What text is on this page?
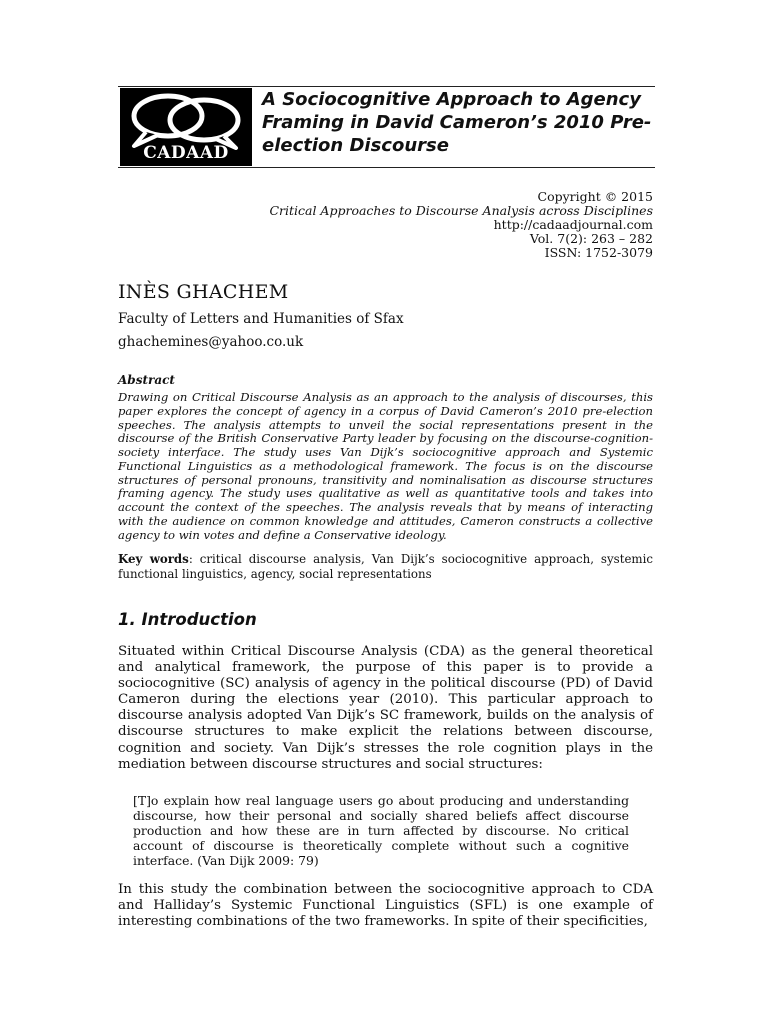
CADAAD
A Sociocognitive Approach to Agency Framing in David Cameron’s 2010 Pre-election Discourse
Copyright © 2015
Critical Approaches to Discourse Analysis across Disciplines
http://cadaadjournal.com
Vol. 7(2): 263 – 282
ISSN: 1752-3079
INÈS GHACHEM
Faculty of Letters and Humanities of Sfax
ghachemines@yahoo.co.uk
Abstract

Drawing on Critical Discourse Analysis as an approach to the analysis of discourses, this paper explores the concept of agency in a corpus of David Cameron’s 2010 pre-election speeches. The analysis attempts to unveil the social representations present in the discourse of the British Conservative Party leader by focusing on the discourse-cognition-society interface. The study uses Van Dijk’s sociocognitive approach and Systemic Functional Linguistics as a methodological framework. The focus is on the discourse structures of personal pronouns, transitivity and nominalisation as discourse structures framing agency. The study uses qualitative as well as quantitative tools and takes into account the context of the speeches. The analysis reveals that by means of interacting with the audience on common knowledge and attitudes, Cameron constructs a collective agency to win votes and define a Conservative ideology.

Key words: critical discourse analysis, Van Dijk’s sociocognitive approach, systemic functional linguistics, agency, social representations

1. Introduction

Situated within Critical Discourse Analysis (CDA) as the general theoretical and analytical framework, the purpose of this paper is to provide a sociocognitive (SC) analysis of agency in the political discourse (PD) of David Cameron during the elections year (2010). This particular approach to discourse analysis adopted Van Dijk’s SC framework, builds on the analysis of discourse structures to make explicit the relations between discourse, cognition and society. Van Dijk’s stresses the role cognition plays in the mediation between discourse structures and social structures:

[T]o explain how real language users go about producing and understanding discourse, how their personal and socially shared beliefs affect discourse production and how these are in turn affected by discourse. No critical account of discourse is theoretically complete without such a cognitive interface. (Van Dijk 2009: 79)

In this study the combination between the sociocognitive approach to CDA and Halliday’s Systemic Functional Linguistics (SFL) is one example of interesting combinations of the two frameworks. In spite of their specificities,
